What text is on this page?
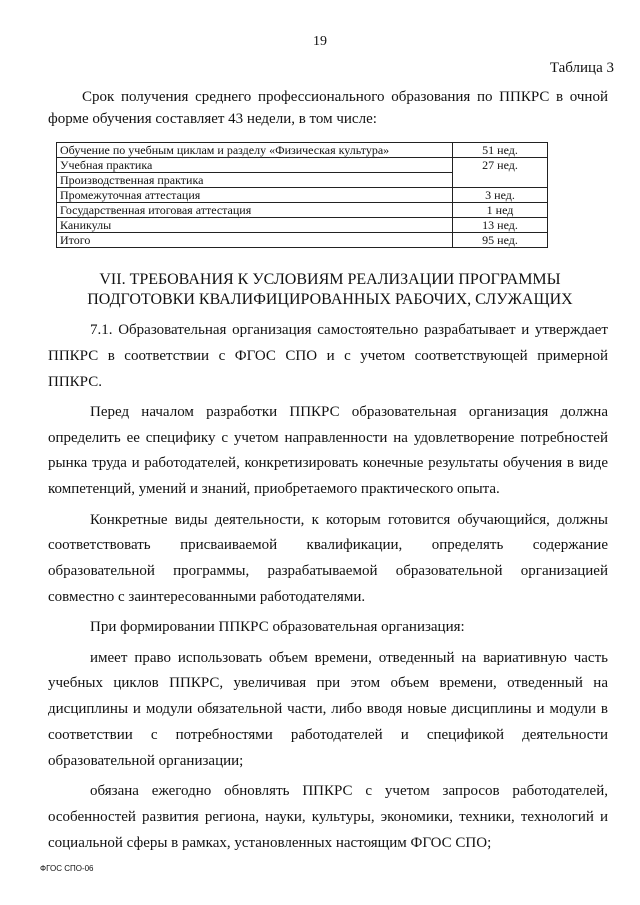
19
Таблица 3

Срок получения среднего профессионального образования по ППКРС в очной форме обучения составляет 43 недели, в том числе:

Обучение по учебным циклам и разделу «Физическая культура»	51 нед.
Учебная практика	27 нед.
Производственная практика	
Промежуточная аттестация	3 нед.
Государственная итоговая аттестация	1 нед
Каникулы	13 нед.
Итого	95 нед.
VII. ТРЕБОВАНИЯ К УСЛОВИЯМ РЕАЛИЗАЦИИ ПРОГРАММЫ
ПОДГОТОВКИ КВАЛИФИЦИРОВАННЫХ РАБОЧИХ, СЛУЖАЩИХ

7.1. Образовательная организация самостоятельно разрабатывает и утверждает ППКРС в соответствии с ФГОС СПО и с учетом соответствующей примерной ППКРС.

Перед началом разработки ППКРС образовательная организация должна определить ее специфику с учетом направленности на удовлетворение потребностей рынка труда и работодателей, конкретизировать конечные результаты обучения в виде компетенций, умений и знаний, приобретаемого практического опыта.

Конкретные виды деятельности, к которым готовится обучающийся, должны соответствовать присваиваемой квалификации, определять содержание образовательной программы, разрабатываемой образовательной организацией совместно с заинтересованными работодателями.

При формировании ППКРС образовательная организация:

имеет право использовать объем времени, отведенный на вариативную часть учебных циклов ППКРС, увеличивая при этом объем времени, отведенный на дисциплины и модули обязательной части, либо вводя новые дисциплины и модули в соответствии с потребностями работодателей и спецификой деятельности образовательной организации;

обязана ежегодно обновлять ППКРС с учетом запросов работодателей, особенностей развития региона, науки, культуры, экономики, техники, технологий и социальной сферы в рамках, установленных настоящим ФГОС СПО;

ФГОС СПО-06
